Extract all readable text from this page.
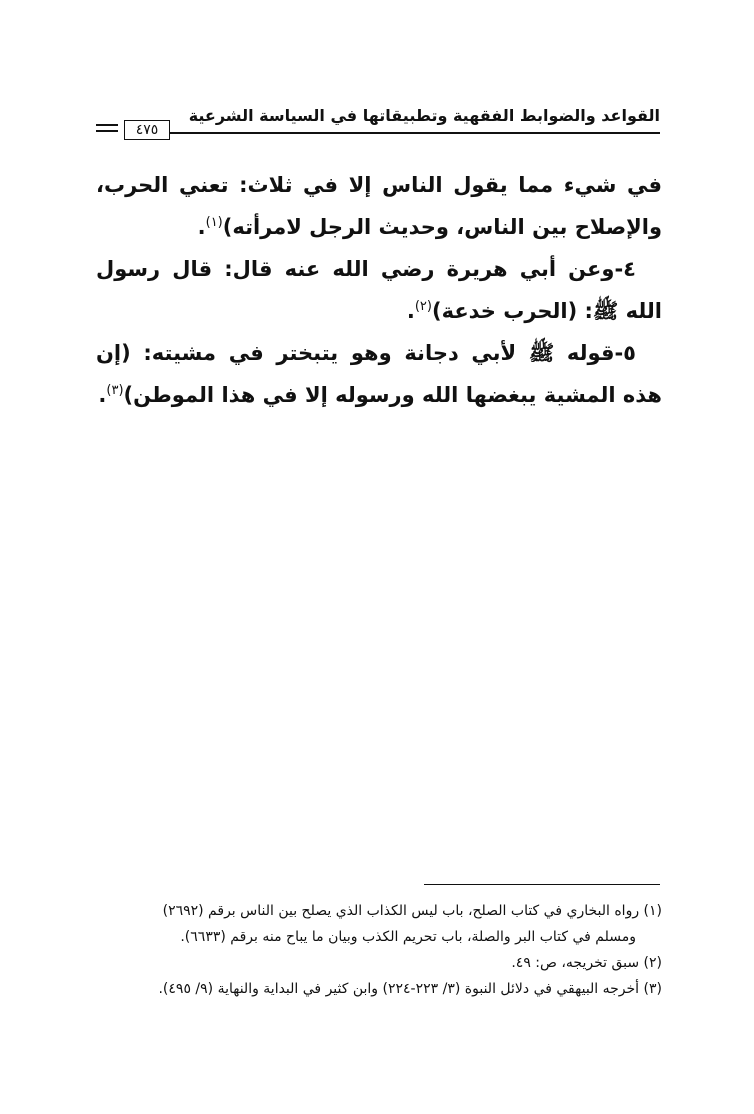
القواعد والضوابط الفقهية وتطبيقاتها في السياسة الشرعية
٤٧٥

في شيء مما يقول الناس إلا في ثلاث: تعني الحرب، والإصلاح بين الناس، وحديث الرجل لامرأته)$^{(١)}$.

٤-وعن أبي هريرة رضي الله عنه قال: قال رسول الله ﷺ: (الحرب خدعة)$^{(٢)}$.

٥-قوله ﷺ لأبي دجانة وهو يتبختر في مشيته: (إن هذه المشية يبغضها الله ورسوله إلا في هذا الموطن)$^{(٣)}$.

(١) رواه البخاري في كتاب الصلح، باب ليس الكذاب الذي يصلح بين الناس برقم (٢٦٩٢)

ومسلم في كتاب البر والصلة، باب تحريم الكذب وبيان ما يباح منه برقم (٦٦٣٣).

(٢) سبق تخريجه، ص: ٤٩.

(٣) أخرجه البيهقي في دلائل النبوة (٣/ ٢٢٣-٢٢٤) وابن كثير في البداية والنهاية (٩/ ٤٩٥).
